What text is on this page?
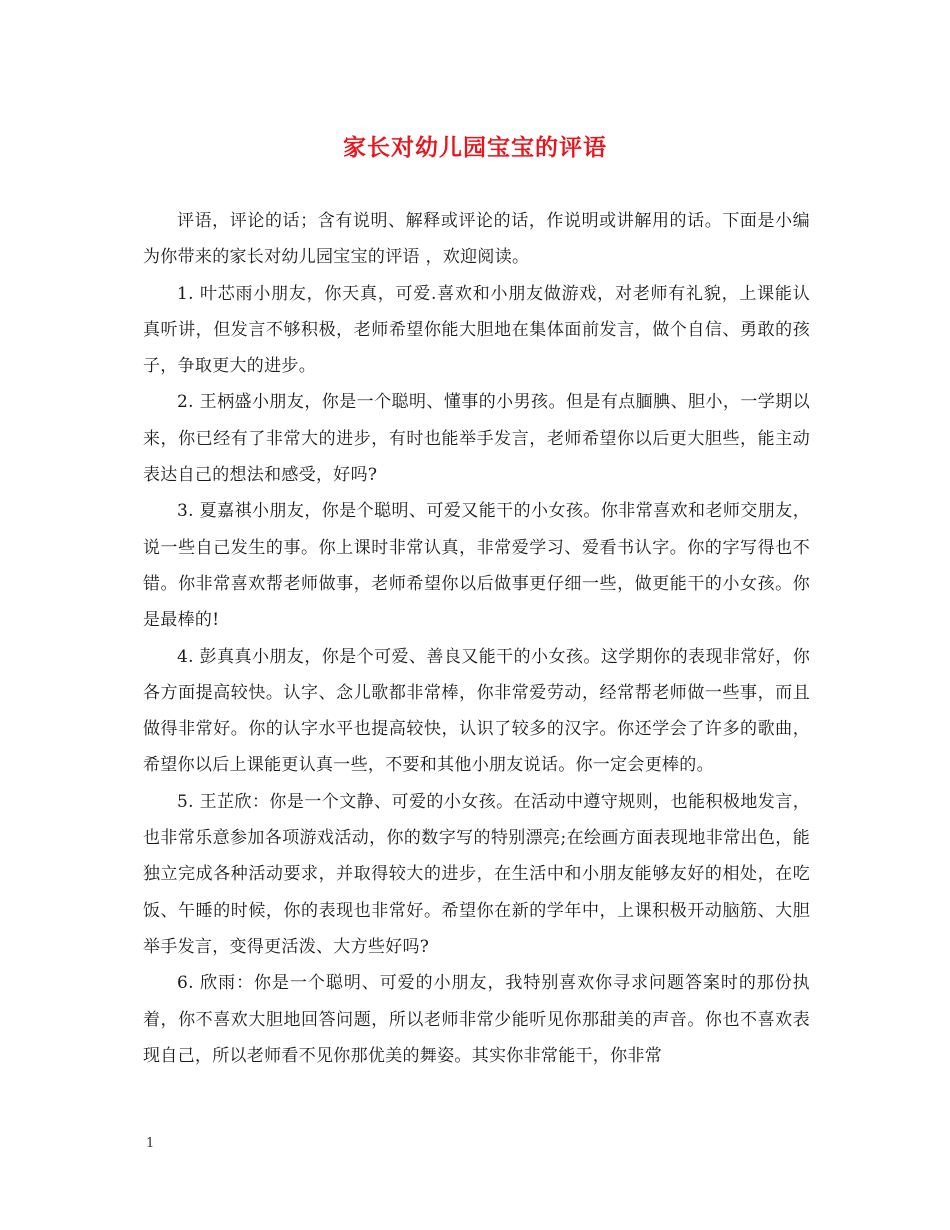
家长对幼儿园宝宝的评语

评语，评论的话；含有说明、解释或评论的话，作说明或讲解用的话。下面是小编为你带来的家长对幼儿园宝宝的评语 ，欢迎阅读。

1. 叶芯雨小朋友，你天真，可爱.喜欢和小朋友做游戏，对老师有礼貌，上课能认真听讲，但发言不够积极，老师希望你能大胆地在集体面前发言，做个自信、勇敢的孩子，争取更大的进步。

2. 王柄盛小朋友，你是一个聪明、懂事的小男孩。但是有点腼腆、胆小，一学期以来，你已经有了非常大的进步，有时也能举手发言，老师希望你以后更大胆些，能主动表达自己的想法和感受，好吗?

3. 夏嘉祺小朋友，你是个聪明、可爱又能干的小女孩。你非常喜欢和老师交朋友，说一些自己发生的事。你上课时非常认真，非常爱学习、爱看书认字。你的字写得也不错。你非常喜欢帮老师做事，老师希望你以后做事更仔细一些，做更能干的小女孩。你是最棒的!

4. 彭真真小朋友，你是个可爱、善良又能干的小女孩。这学期你的表现非常好，你各方面提高较快。认字、念儿歌都非常棒，你非常爱劳动，经常帮老师做一些事，而且做得非常好。你的认字水平也提高较快，认识了较多的汉字。你还学会了许多的歌曲，希望你以后上课能更认真一些，不要和其他小朋友说话。你一定会更棒的。

5. 王芷欣：你是一个文静、可爱的小女孩。在活动中遵守规则，也能积极地发言，也非常乐意参加各项游戏活动，你的数字写的特别漂亮;在绘画方面表现地非常出色，能独立完成各种活动要求，并取得较大的进步，在生活中和小朋友能够友好的相处，在吃饭、午睡的时候，你的表现也非常好。希望你在新的学年中，上课积极开动脑筋、大胆举手发言，变得更活泼、大方些好吗?

6. 欣雨：你是一个聪明、可爱的小朋友，我特别喜欢你寻求问题答案时的那份执着，你不喜欢大胆地回答问题，所以老师非常少能听见你那甜美的声音。你也不喜欢表现自己，所以老师看不见你那优美的舞姿。其实你非常能干，你非常

1
